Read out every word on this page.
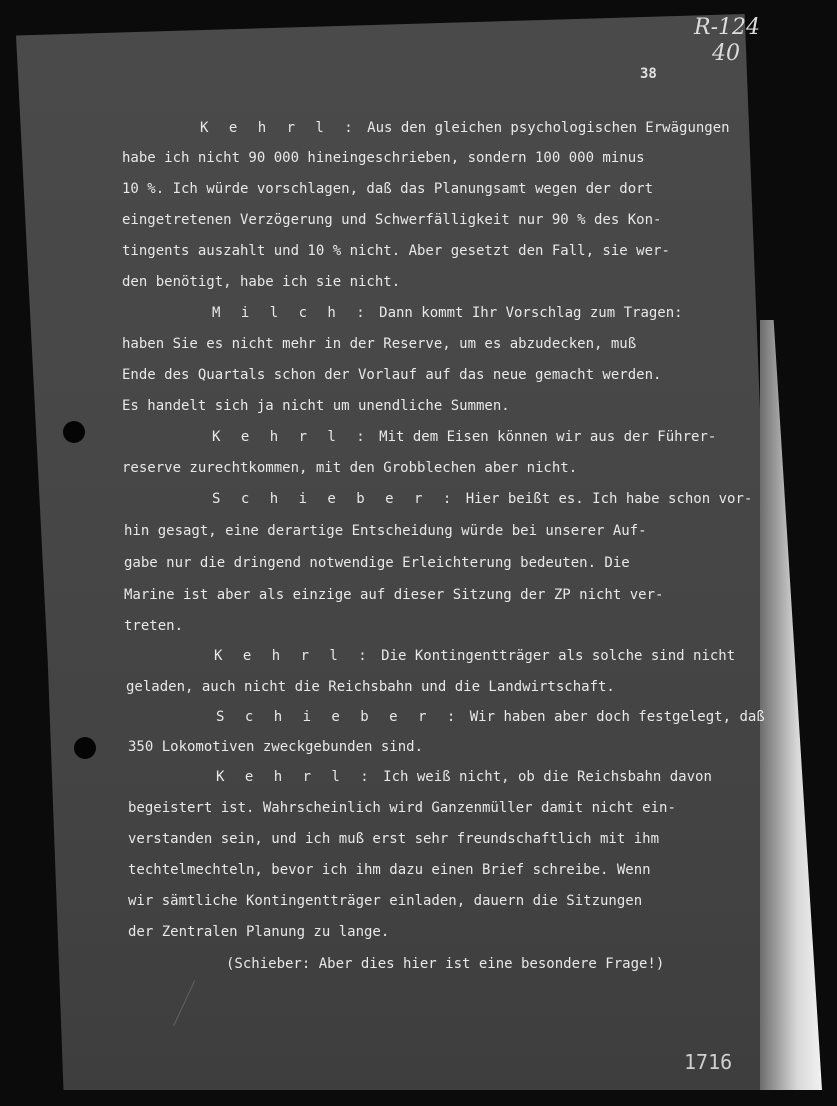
R-124
40
38
K e h r l : Aus den gleichen psychologischen Erwägungen
habe ich nicht 90 000 hineingeschrieben, sondern 100 000 minus
10 %. Ich würde vorschlagen, daß das Planungsamt wegen der dort
eingetretenen Verzögerung und Schwerfälligkeit nur 90 % des Kon-
tingents auszahlt und 10 % nicht. Aber gesetzt den Fall, sie wer-
den benötigt, habe ich sie nicht.
M i l c h : Dann kommt Ihr Vorschlag zum Tragen:
haben Sie es nicht mehr in der Reserve, um es abzudecken, muß
Ende des Quartals schon der Vorlauf auf das neue gemacht werden.
Es handelt sich ja nicht um unendliche Summen.
K e h r l : Mit dem Eisen können wir aus der Führer-
reserve zurechtkommen, mit den Grobblechen aber nicht.
S c h i e b e r : Hier beißt es. Ich habe schon vor-
hin gesagt, eine derartige Entscheidung würde bei unserer Auf-
gabe nur die dringend notwendige Erleichterung bedeuten. Die
Marine ist aber als einzige auf dieser Sitzung der ZP nicht ver-
treten.
K e h r l : Die Kontingentträger als solche sind nicht
geladen, auch nicht die Reichsbahn und die Landwirtschaft.
S c h i e b e r : Wir haben aber doch festgelegt, daß
350 Lokomotiven zweckgebunden sind.
K e h r l : Ich weiß nicht, ob die Reichsbahn davon
begeistert ist. Wahrscheinlich wird Ganzenmüller damit nicht ein-
verstanden sein, und ich muß erst sehr freundschaftlich mit ihm
techtelmechteln, bevor ich ihm dazu einen Brief schreibe. Wenn
wir sämtliche Kontingentträger einladen, dauern die Sitzungen
der Zentralen Planung zu lange.
(Schieber: Aber dies hier ist eine besondere Frage!)
1716
